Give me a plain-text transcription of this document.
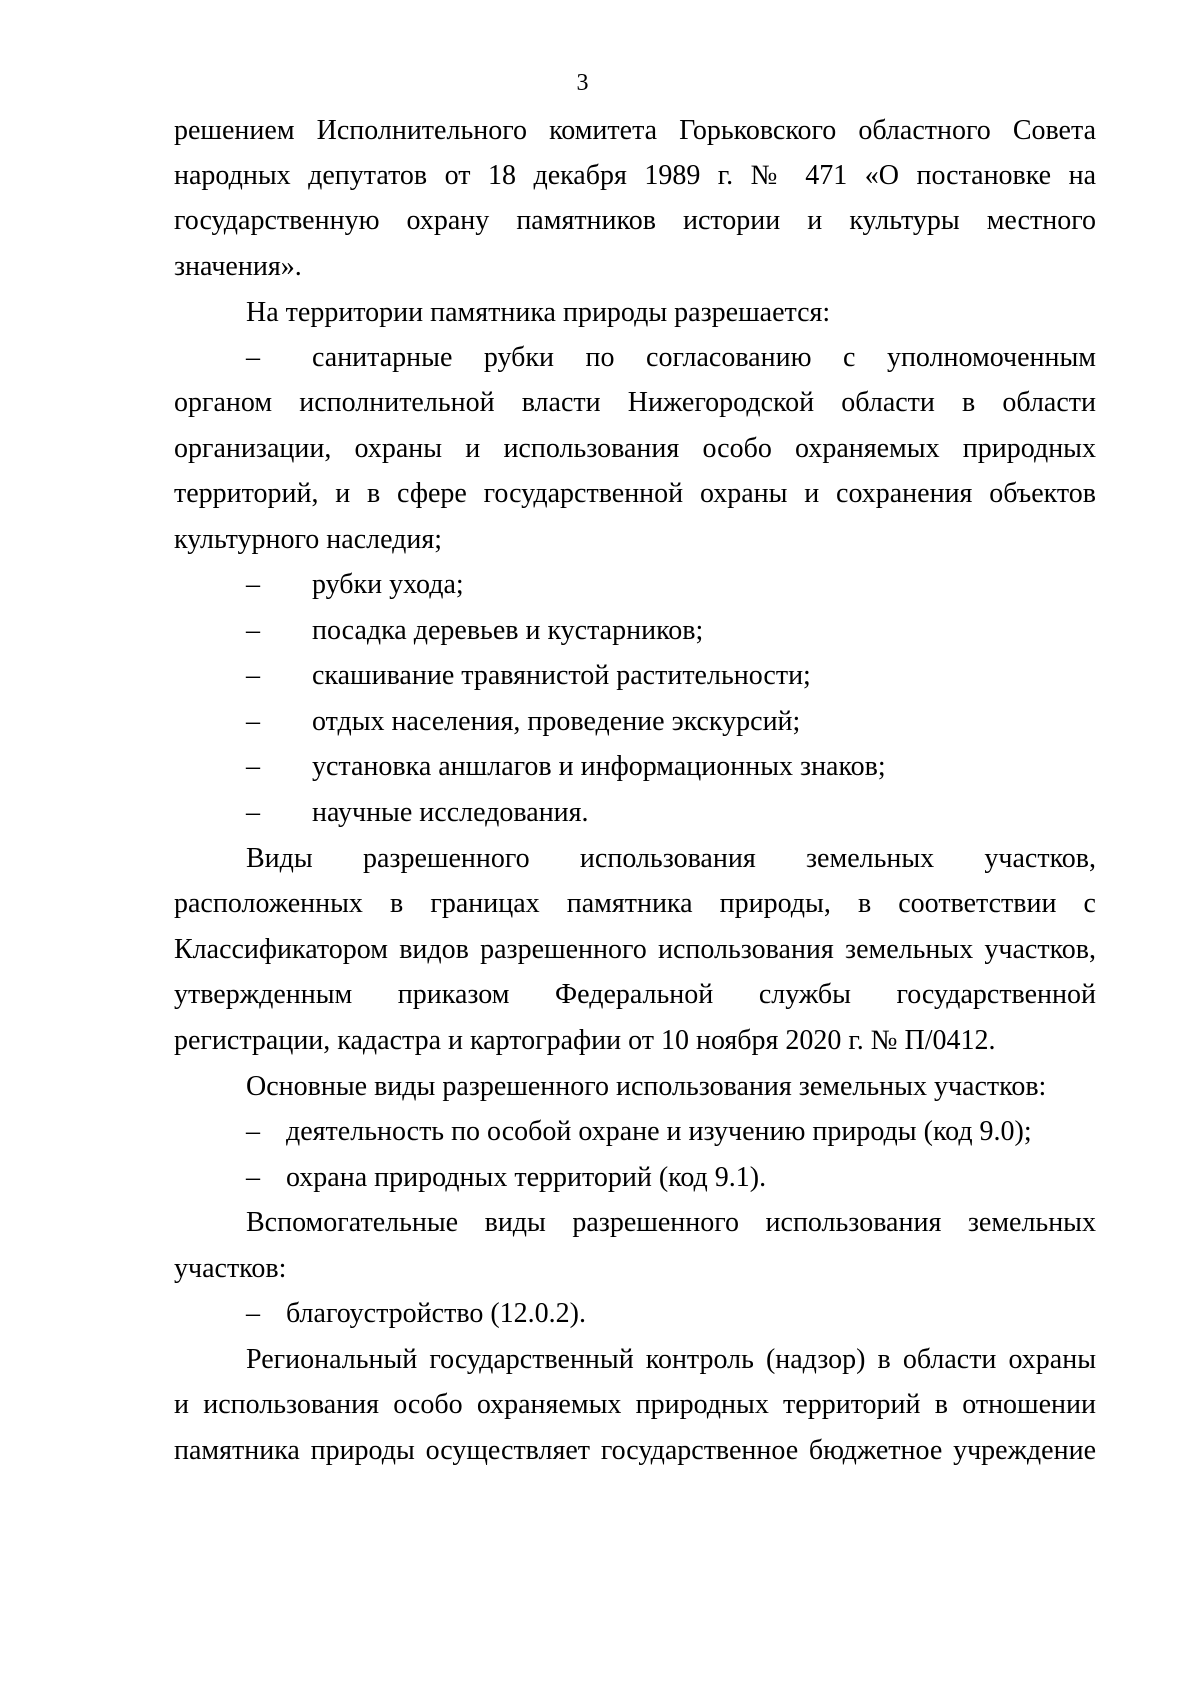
3
решением Исполнительного комитета Горьковского областного Совета
народных депутатов от 18 декабря 1989 г. № 471 «О постановке на
государственную охрану памятников истории и культуры местного
значения».
На территории памятника природы разрешается:
–	санитарные рубки по согласованию с уполномоченным
органом исполнительной власти Нижегородской области в области
организации, охраны и использования особо охраняемых природных
территорий, и в сфере государственной охраны и сохранения объектов
культурного наследия;
–	рубки ухода;
–	посадка деревьев и кустарников;
–	скашивание травянистой растительности;
–	отдых населения, проведение экскурсий;
–	установка аншлагов и информационных знаков;
–	научные исследования.
Виды разрешенного использования земельных участков,
расположенных в границах памятника природы, в соответствии с
Классификатором видов разрешенного использования земельных участков,
утвержденным приказом Федеральной службы государственной
регистрации, кадастра и картографии от 10 ноября 2020 г. № П/0412.
Основные виды разрешенного использования земельных участков:
– деятельность по особой охране и изучению природы (код 9.0);
– охрана природных территорий (код 9.1).
Вспомогательные виды разрешенного использования земельных
участков:
– благоустройство (12.0.2).
Региональный государственный контроль (надзор) в области охраны
и использования особо охраняемых природных территорий в отношении
памятника природы осуществляет государственное бюджетное учреждение
